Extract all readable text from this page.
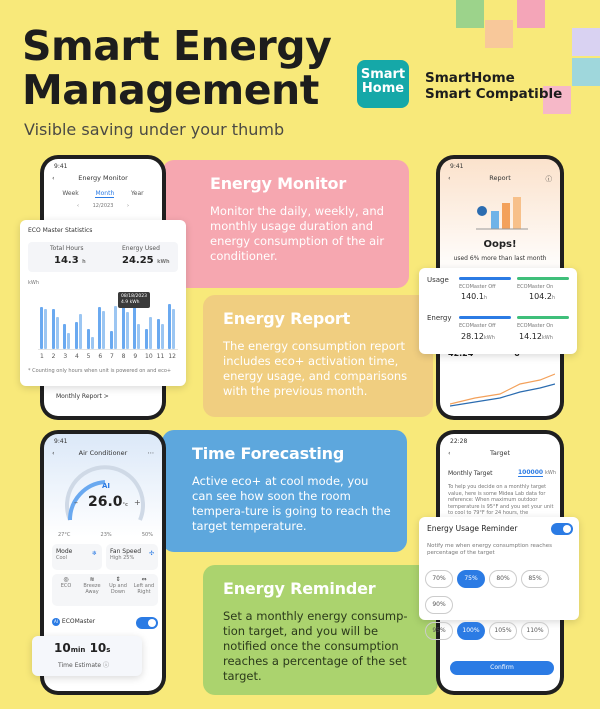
Smart Energy Management
Visible saving under your thumb
Smart
Home
SmartHome
Smart Compatible
Energy Monitor

Monitor the daily, weekly, and monthly usage duration and energy consumption of the air conditioner.

Energy Report

The energy consumption report includes eco+ activation time, energy usage, and comparisons with the previous month.

Time Forecasting

Active eco+ at cool mode, you can see how soon the room tempera-ture is going to reach the target temperature.

Energy Reminder

Set a monthly energy consump-tion target, and you will be notified once the consumption reaches a percentage of the set target.

9:41
‹	Energy Monitor
Week	Month	Year
‹	12/2023	›
Monthly Report >
ECO Master Statistics
Total Hours
14.3 h
Energy Used
24.25 kWh
kWh
08/18/2023
4.9 kWh
1 2 3 4 5 6 7 8 9 10 11 12
* Counting only hours when unit is powered on and eco+
9:41
‹	Report	ⓘ
Oops!
used 6% more than last month
Usage
ECOMaster Off	ECOMaster On
140.1h	104.2h
Energy
ECOMaster Off	ECOMaster On
28.12kWh	14.12kWh
9:41
‹	Air Conditioner	⋯
AI
– 26.0°c +
27°C	23%	50%
Mode
Cool
❄ Fan Speed
High 25%
✣
◎
ECO
≋
Breeze Away
⇕
Up and Down
⇔
Left and Right
AI ECOMaster
10min 10s
Time Estimate ⓘ
22:28
‹	Target
Monthly Target	100000 kWh
To help you decide on a monthly target value, here is some Midea Lab data for reference: When maximum outdoor temperature is 95°F and you set your unit to cool to 79°F for 24 hours, the
Confirm
Energy Usage Reminder
Notify me when energy consumption reaches percentage of the target
70%	75%	80%	85%90%
95%	100% 105% 110%
